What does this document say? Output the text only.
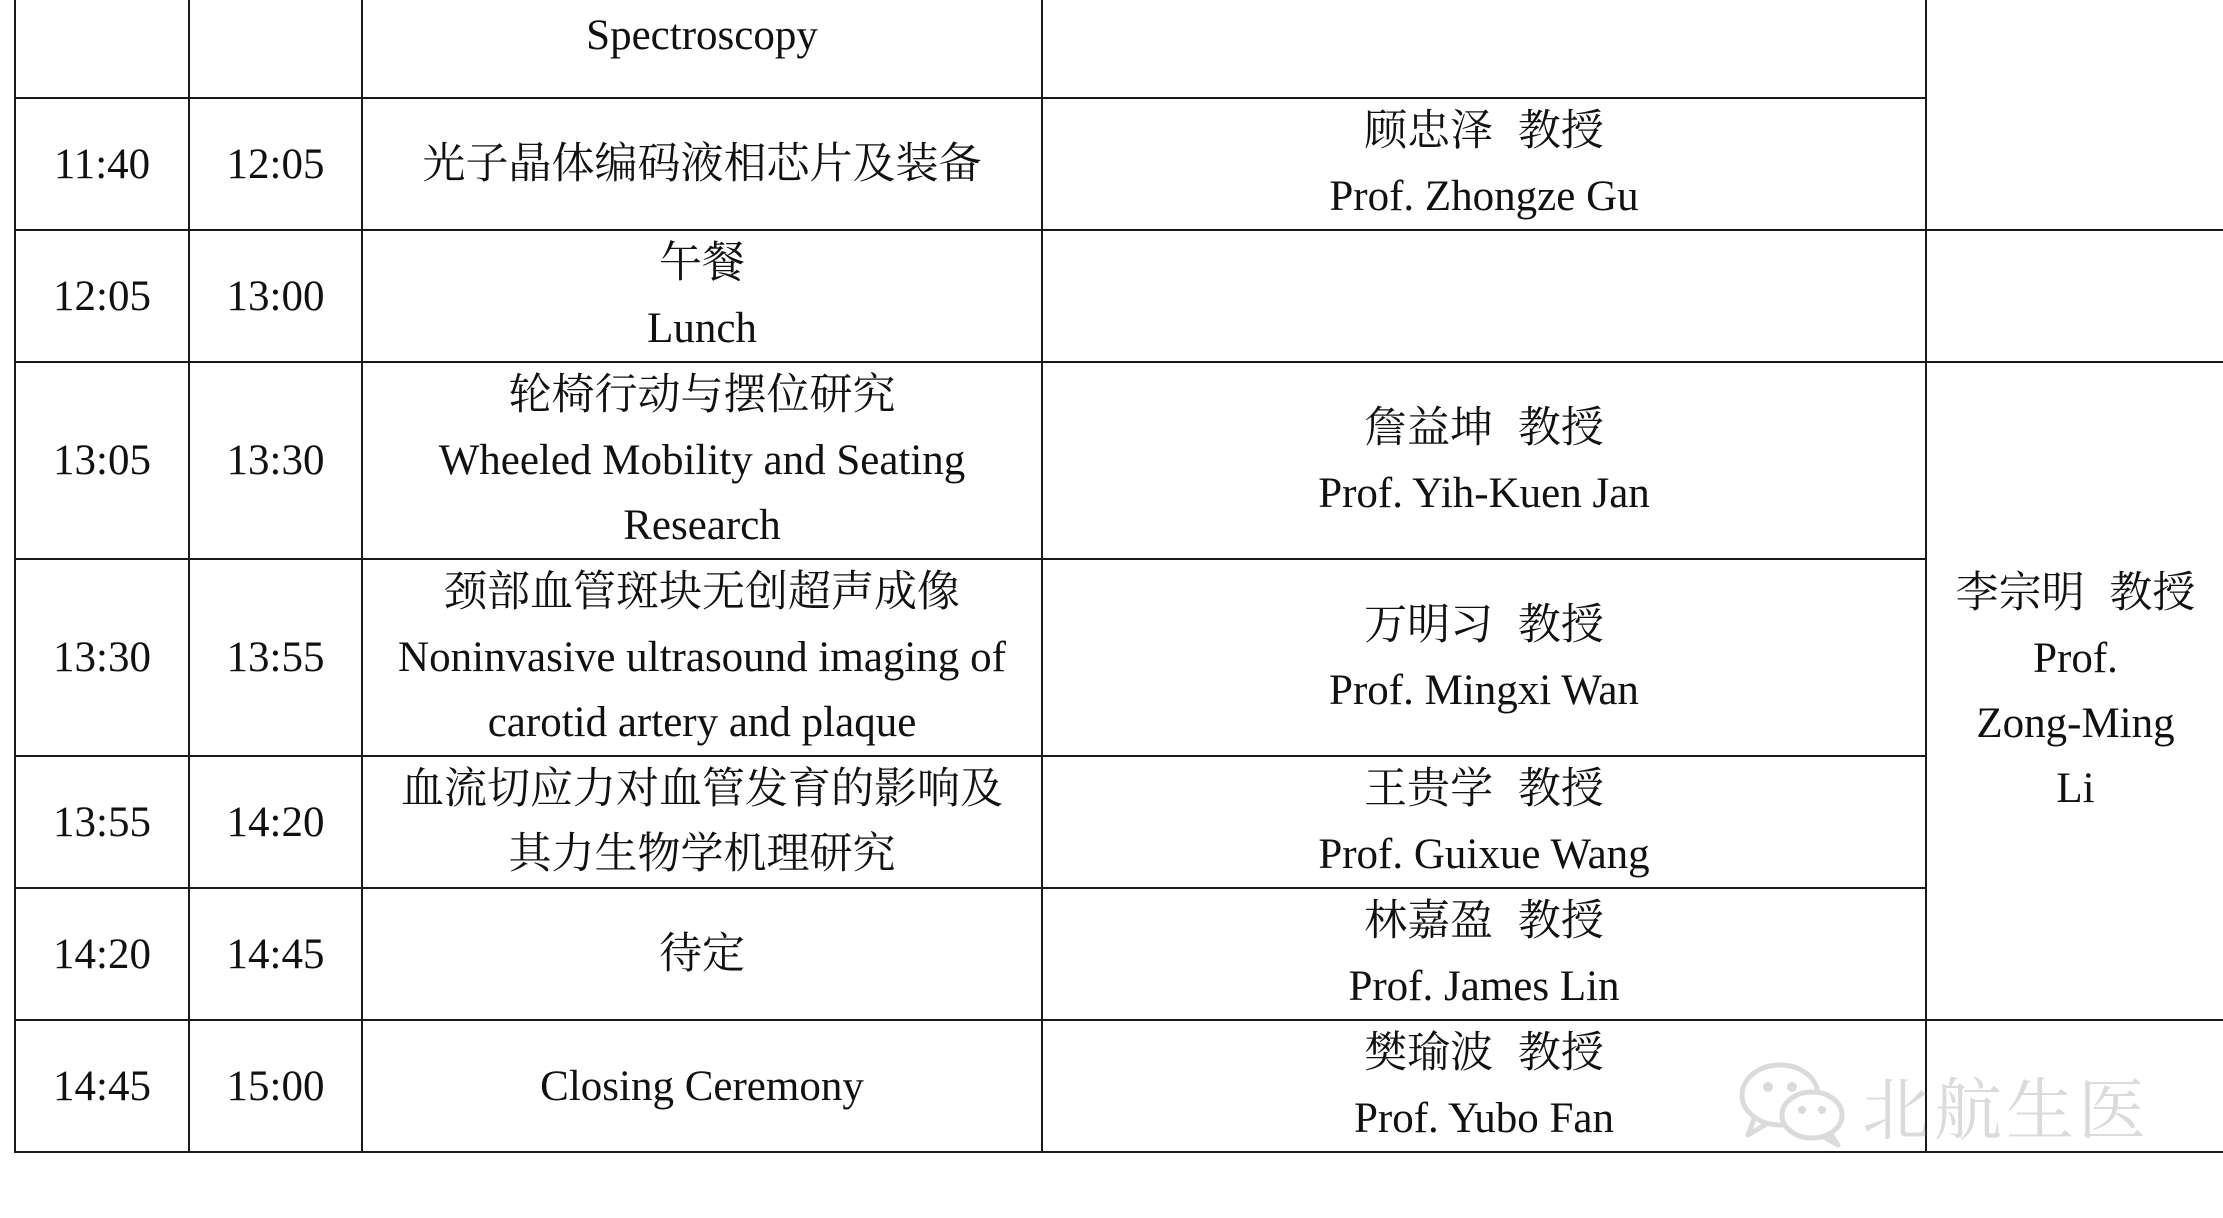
		Spectroscopy		

11:40	12:05	光子晶体编码液相芯片及装备	顾忠泽 教授
Prof. Zhongze Gu	

12:05	13:00	午餐
Lunch		

13:05	13:30	轮椅行动与摆位研究
Wheeled Mobility and Seating
Research	詹益坤 教授
Prof. Yih-Kuen Jan	李宗明 教授
Prof.
Zong-Ming
Li

13:30	13:55	颈部血管斑块无创超声成像
Noninvasive ultrasound imaging of
carotid artery and plaque	万明习 教授
Prof. Mingxi Wan	

13:55	14:20	血流切应力对血管发育的影响及
其力生物学机理研究	王贵学 教授
Prof. Guixue Wang	

14:20	14:45	待定	林嘉盈 教授
Prof. James Lin	

14:45	15:00	Closing Ceremony	樊瑜波 教授
Prof. Yubo Fan	
		北航生医
